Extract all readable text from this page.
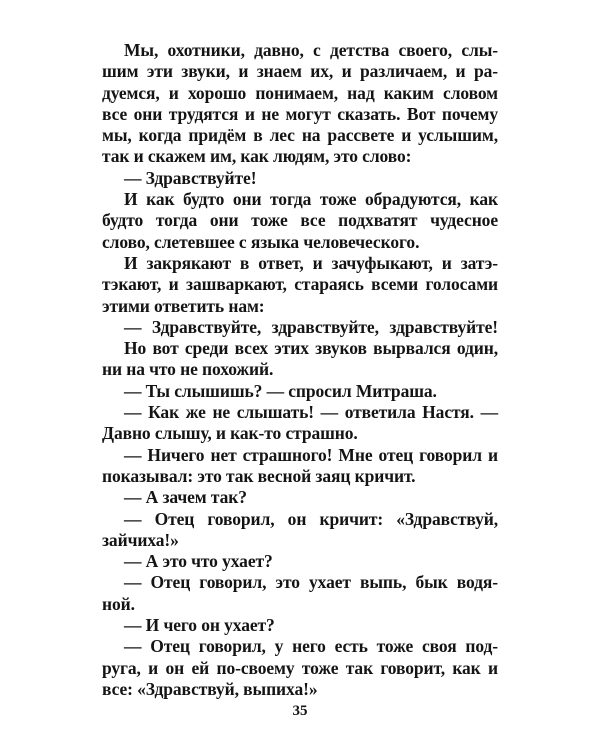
Мы, охотники, давно, с детства своего, слы-
шим эти звуки, и знаем их, и различаем, и ра-
дуемся, и хорошо понимаем, над каким словом
все они трудятся и не могут сказать. Вот почему
мы, когда придём в лес на рассвете и услышим,
так и скажем им, как людям, это слово:
— Здравствуйте!
И как будто они тогда тоже обрадуются, как
будто тогда они тоже все подхватят чудесное
слово, слетевшее с языка человеческого.
И закрякают в ответ, и зачуфыкают, и затэ-
тэкают, и зашваркают, стараясь всеми голосами
этими ответить нам:
— Здравствуйте, здравствуйте, здравствуйте!
Но вот среди всех этих звуков вырвался один,
ни на что не похожий.
— Ты слышишь? — спросил Митраша.
— Как же не слышать! — ответила Настя. —
Давно слышу, и как-то страшно.
— Ничего нет страшного! Мне отец говорил и
показывал: это так весной заяц кричит.
— А зачем так?
— Отец говорил, он кричит: «Здравствуй,
зайчиха!»
— А это что ухает?
— Отец говорил, это ухает выпь, бык водя-
ной.
— И чего он ухает?
— Отец говорил, у него есть тоже своя под-
руга, и он ей по-своему тоже так говорит, как и
все: «Здравствуй, выпиха!»
35
